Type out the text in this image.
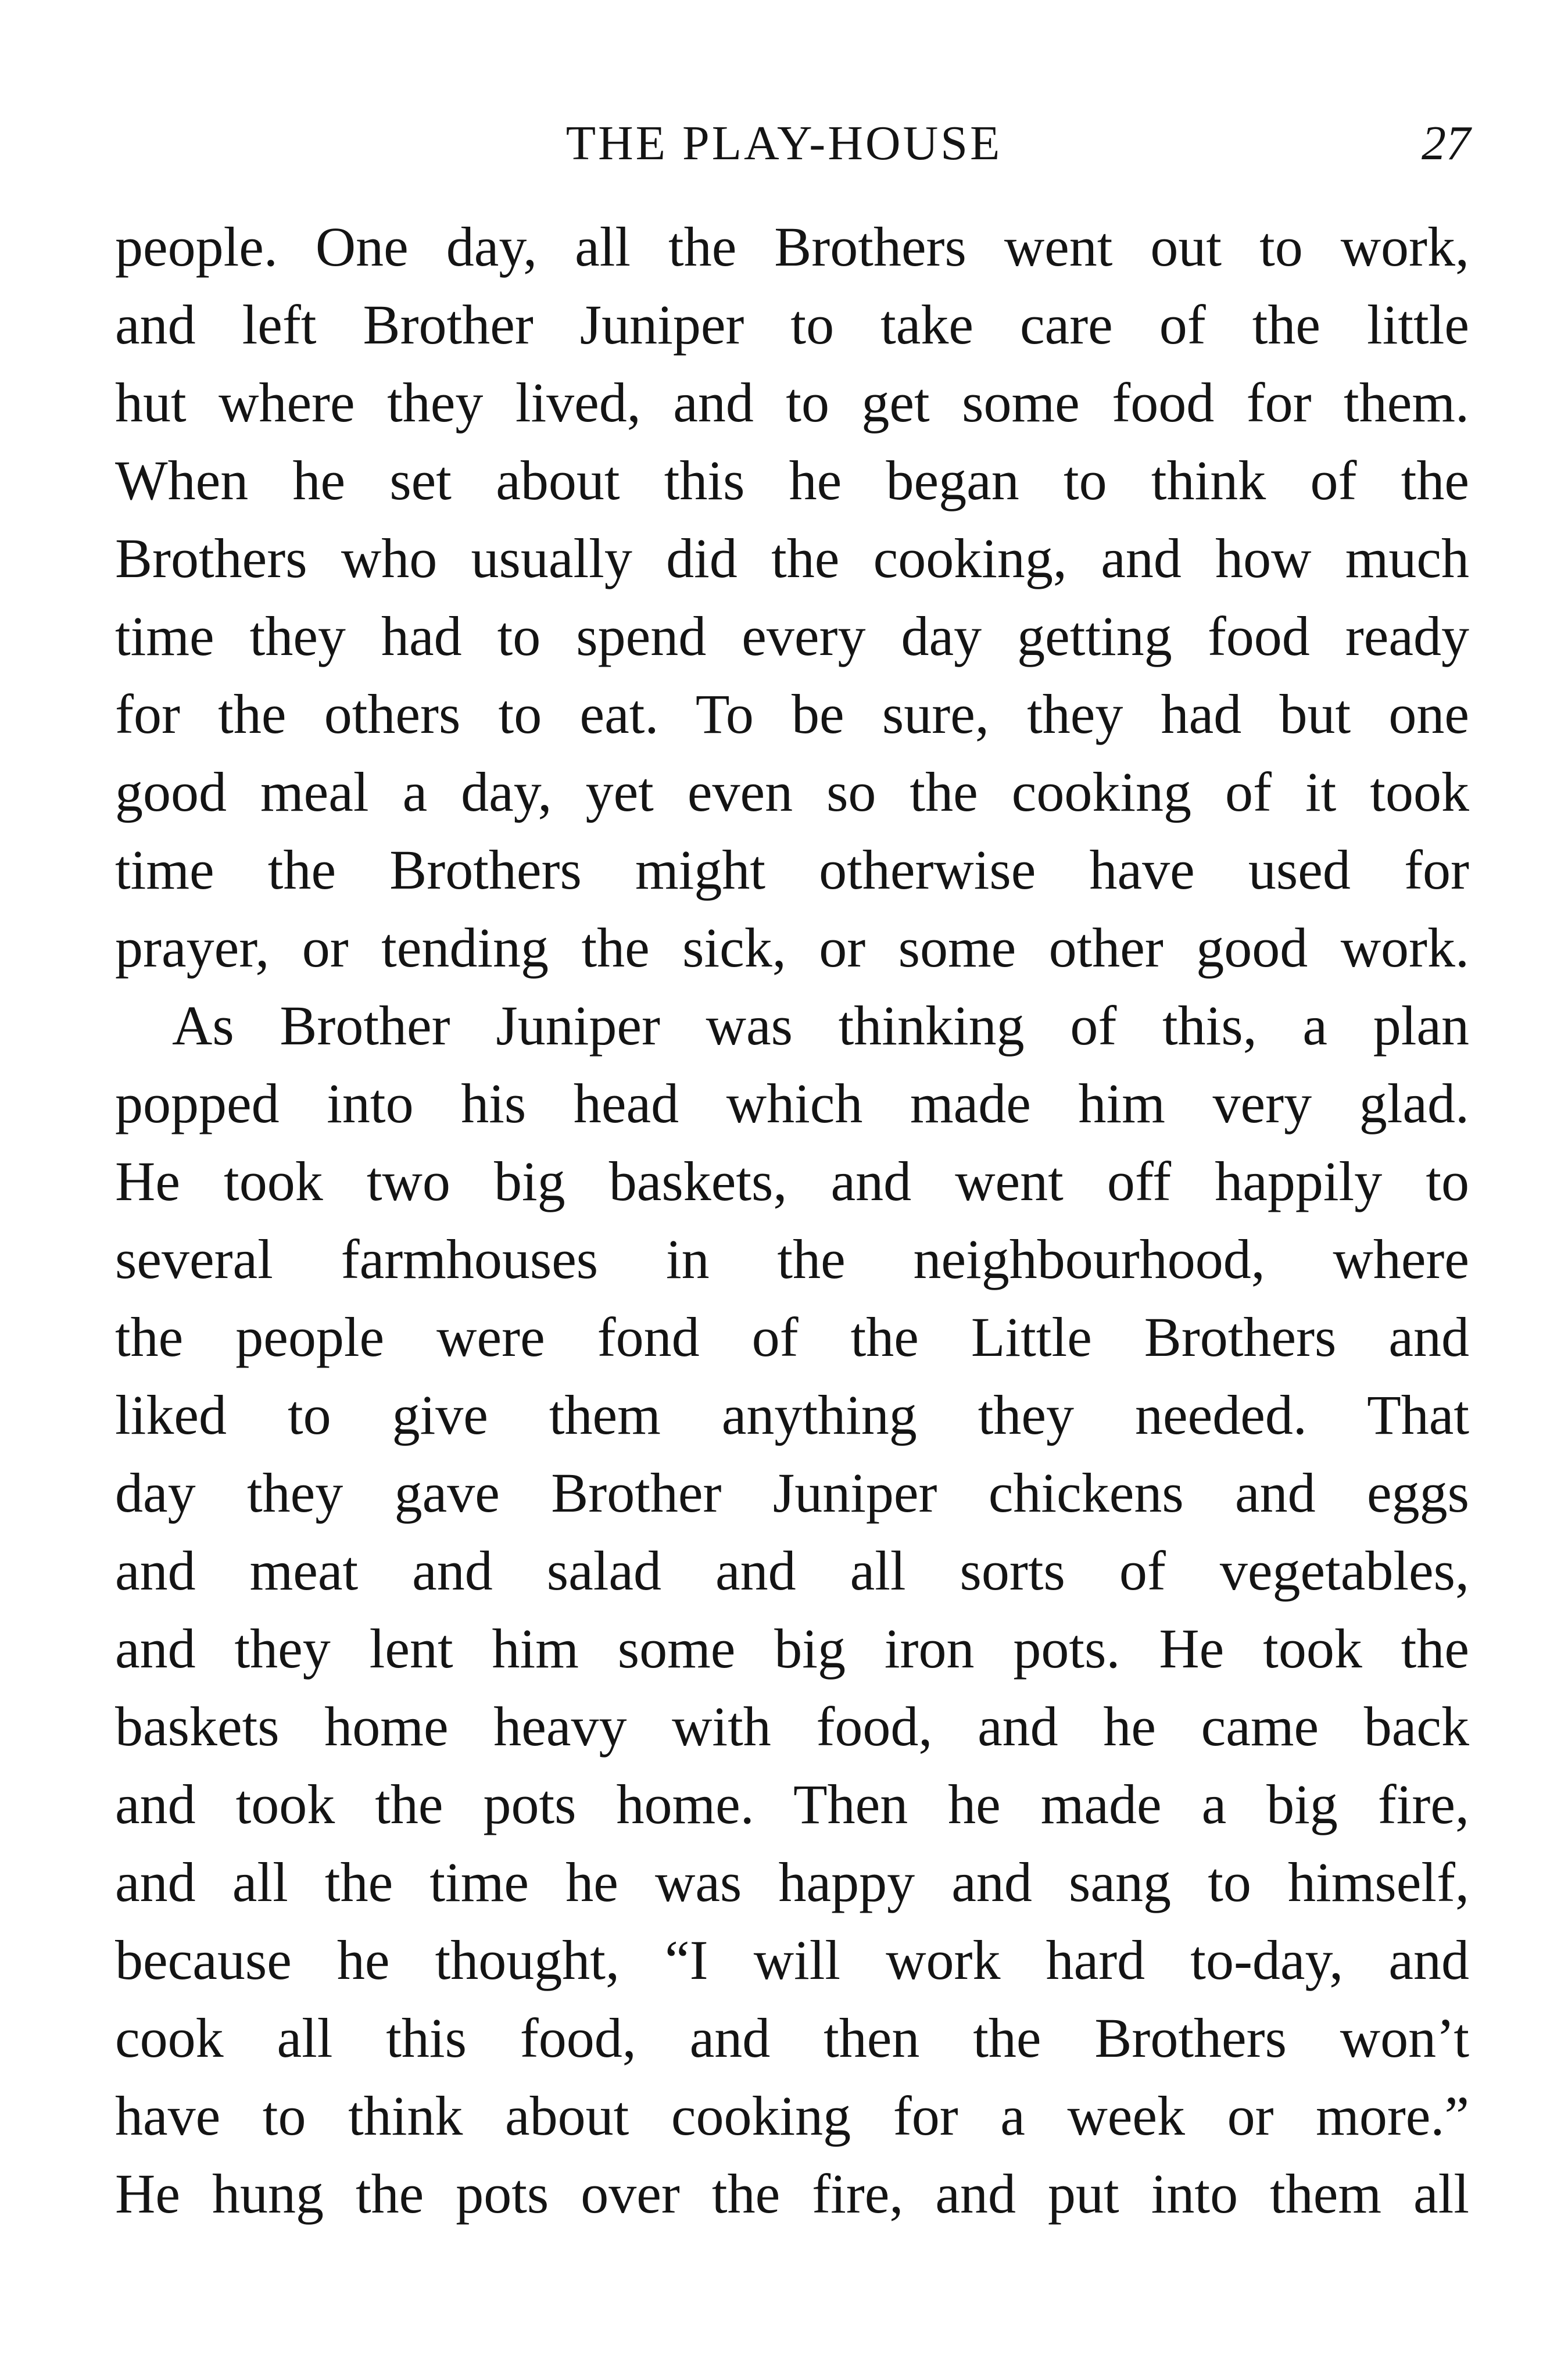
THE PLAY-HOUSE	27
people. One day, all the Brothers went out to work,
and left Brother Juniper to take care of the little
hut where they lived, and to get some food for them.
When he set about this he began to think of the
Brothers who usually did the cooking, and how much
time they had to spend every day getting food ready
for the others to eat. To be sure, they had but one
good meal a day, yet even so the cooking of it took
time the Brothers might otherwise have used for
prayer, or tending the sick, or some other good work.
As Brother Juniper was thinking of this, a plan
popped into his head which made him very glad.
He took two big baskets, and went off happily to
several farmhouses in the neighbourhood, where
the people were fond of the Little Brothers and
liked to give them anything they needed. That
day they gave Brother Juniper chickens and eggs
and meat and salad and all sorts of vegetables,
and they lent him some big iron pots. He took the
baskets home heavy with food, and he came back
and took the pots home. Then he made a big fire,
and all the time he was happy and sang to himself,
because he thought, “I will work hard to-day, and
cook all this food, and then the Brothers won’t
have to think about cooking for a week or more.”
He hung the pots over the fire, and put into them all
